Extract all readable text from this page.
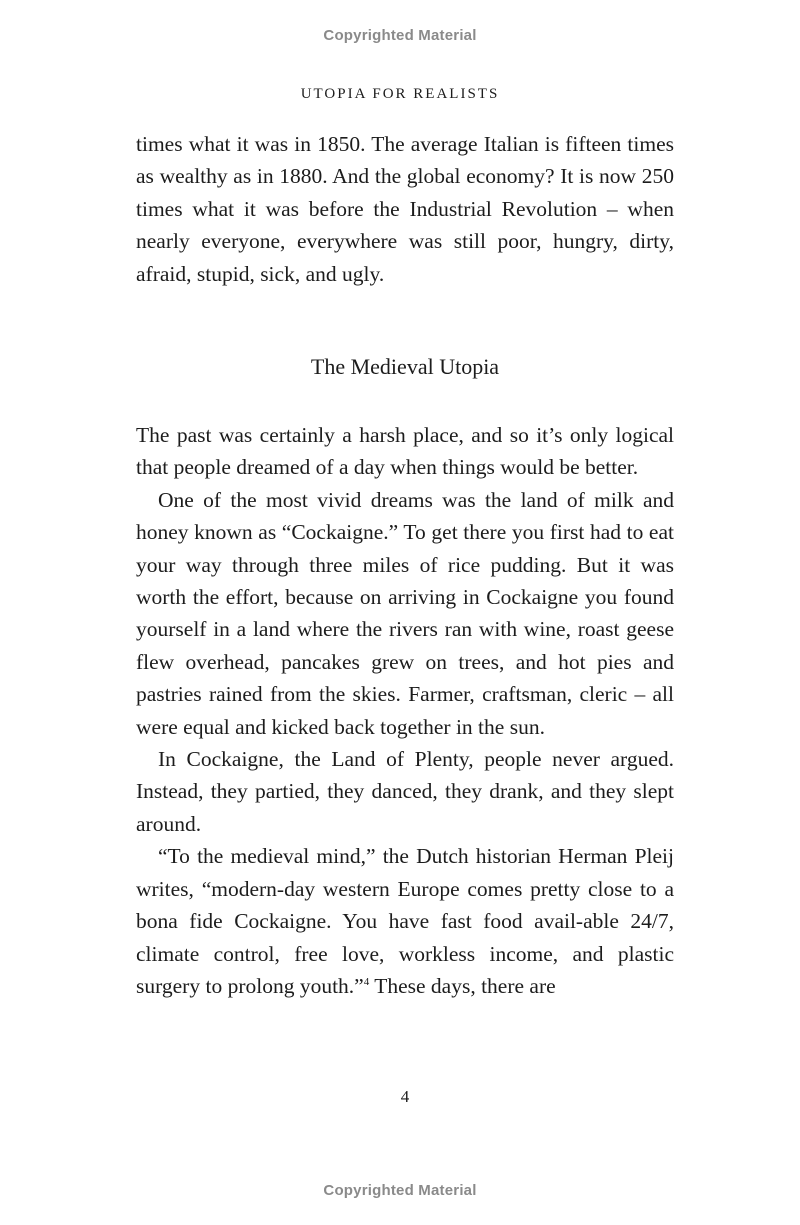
Copyrighted Material
UTOPIA FOR REALISTS

times what it was in 1850. The average Italian is fifteen times as wealthy as in 1880. And the global economy? It is now 250 times what it was before the Industrial Revolution – when nearly everyone, everywhere was still poor, hungry, dirty, afraid, stupid, sick, and ugly.

The Medieval Utopia

The past was certainly a harsh place, and so it’s only logical that people dreamed of a day when things would be better.

One of the most vivid dreams was the land of milk and honey known as “Cockaigne.” To get there you first had to eat your way through three miles of rice pudding. But it was worth the effort, because on arriving in Cockaigne you found yourself in a land where the rivers ran with wine, roast geese flew overhead, pancakes grew on trees, and hot pies and pastries rained from the skies. Farmer, craftsman, cleric – all were equal and kicked back together in the sun.

In Cockaigne, the Land of Plenty, people never argued. Instead, they partied, they danced, they drank, and they slept around.

“To the medieval mind,” the Dutch historian Herman Pleij writes, “modern-day western Europe comes pretty close to a bona fide Cockaigne. You have fast food avail-able 24/7, climate control, free love, workless income, and plastic surgery to prolong youth.”$^4$ These days, there are

4
Copyrighted Material
